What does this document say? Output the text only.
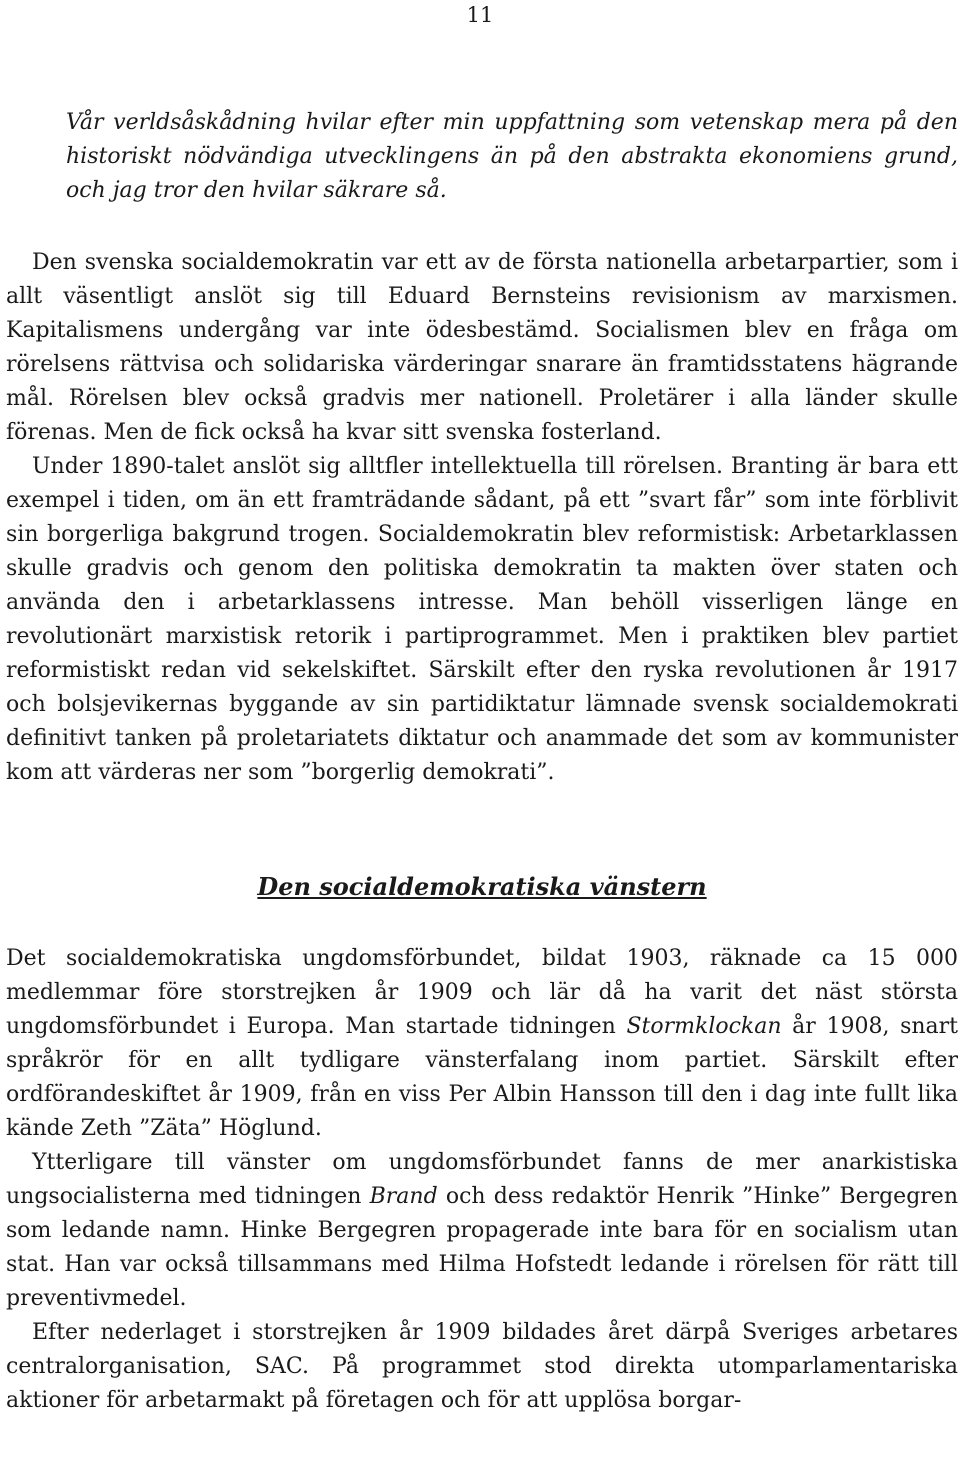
11

Vår verldsåskådning hvilar efter min uppfattning som vetenskap mera på den historiskt nödvändiga utvecklingens än på den abstrakta ekonomiens grund, och jag tror den hvilar säkrare så.

Den svenska socialdemokratin var ett av de första nationella arbetarpartier, som i allt väsentligt anslöt sig till Eduard Bernsteins revisionism av marxismen. Kapitalismens undergång var inte ödesbestämd. Socialismen blev en fråga om rörelsens rättvisa och solidariska värderingar snarare än framtidsstatens hägrande mål. Rörelsen blev också gradvis mer nationell. Proletärer i alla länder skulle förenas. Men de fick också ha kvar sitt svenska fosterland.

Under 1890-talet anslöt sig alltfler intellektuella till rörelsen. Branting är bara ett exempel i tiden, om än ett framträdande sådant, på ett ”svart får” som inte förblivit sin borgerliga bakgrund trogen. Socialdemokratin blev reformistisk: Arbetarklassen skulle gradvis och genom den politiska demokratin ta makten över staten och använda den i arbetarklassens intresse. Man behöll visserligen länge en revolutionärt marxistisk retorik i partiprogrammet. Men i praktiken blev partiet reformistiskt redan vid sekelskiftet. Särskilt efter den ryska revolutionen år 1917 och bolsjevikernas byggande av sin partidiktatur lämnade svensk socialdemokrati definitivt tanken på proletariatets diktatur och anammade det som av kommunister kom att värderas ner som ”borgerlig demokrati”.

Den socialdemokratiska vänstern

Det socialdemokratiska ungdomsförbundet, bildat 1903, räknade ca 15 000 medlemmar före storstrejken år 1909 och lär då ha varit det näst största ungdomsförbundet i Europa. Man startade tidningen Stormklockan år 1908, snart språkrör för en allt tydligare vänsterfalang inom partiet. Särskilt efter ordförandeskiftet år 1909, från en viss Per Albin Hansson till den i dag inte fullt lika kände Zeth ”Zäta” Höglund.

Ytterligare till vänster om ungdomsförbundet fanns de mer anarkistiska ungsocialisterna med tidningen Brand och dess redaktör Henrik ”Hinke” Bergegren som ledande namn. Hinke Bergegren propagerade inte bara för en socialism utan stat. Han var också tillsammans med Hilma Hofstedt ledande i rörelsen för rätt till preventivmedel.

Efter nederlaget i storstrejken år 1909 bildades året därpå Sveriges arbetares centralorganisation, SAC. På programmet stod direkta utomparlamentariska aktioner för arbetarmakt på företagen och för att upplösa borgar-
